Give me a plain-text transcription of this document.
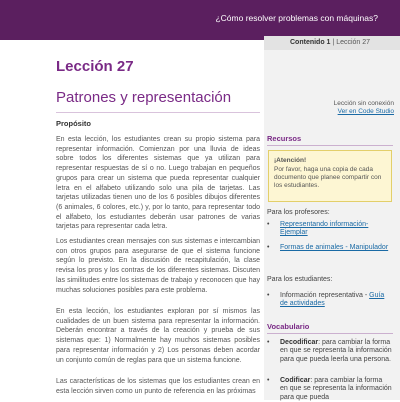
¿Cómo resolver problemas con máquinas?
Contenido 1 | Lección 27
Lección 27
Patrones y representación
Propósito
En esta lección, los estudiantes crean su propio sistema para representar información. Comienzan por una lluvia de ideas sobre todos los diferentes sistemas que ya utilizan para representar respuestas de sí o no. Luego trabajan en pequeños grupos para crear un sistema que pueda representar cualquier letra en el alfabeto utilizando solo una pila de tarjetas. Las tarjetas utilizadas tienen uno de los 6 posibles dibujos diferentes (6 animales, 6 colores, etc.) y, por lo tanto, para representar todo el alfabeto, los estudiantes deberán usar patrones de varias tarjetas para representar cada letra.
Los estudiantes crean mensajes con sus sistemas e intercambian con otros grupos para asegurarse de que el sistema funcione según lo previsto. En la discusión de recapitulación, la clase revisa los pros y los contras de los diferentes sistemas. Discuten las similitudes entre los sistemas de trabajo y reconocen que hay muchas soluciones posibles para este problema.
En esta lección, los estudiantes exploran por sí mismos las cualidades de un buen sistema para representar la información. Deberán encontrar a través de la creación y prueba de sus sistemas que: 1) Normalmente hay muchos sistemas posibles para representar información y 2) Los personas deben acordar un conjunto común de reglas para que un sistema funcione.
Las características de los sistemas que los estudiantes crean en esta lección sirven como un punto de referencia en las próximas
Lección sin conexión
Ver en Code Studio
Recursos
¡Atención!
Por favor, haga una copia de cada documento que planee compartir con los estudiantes.
Para los profesores:
• Representando información- Ejemplar
• Formas de animales - Manipulador
Para los estudiantes:
• Información representativa - Guía de actividades
Vocabulario
• Decodificar: para cambiar la forma en que se representa la información para que pueda leerla una persona.
• Codificar: para cambiar la forma en que se representa la información para que pueda
